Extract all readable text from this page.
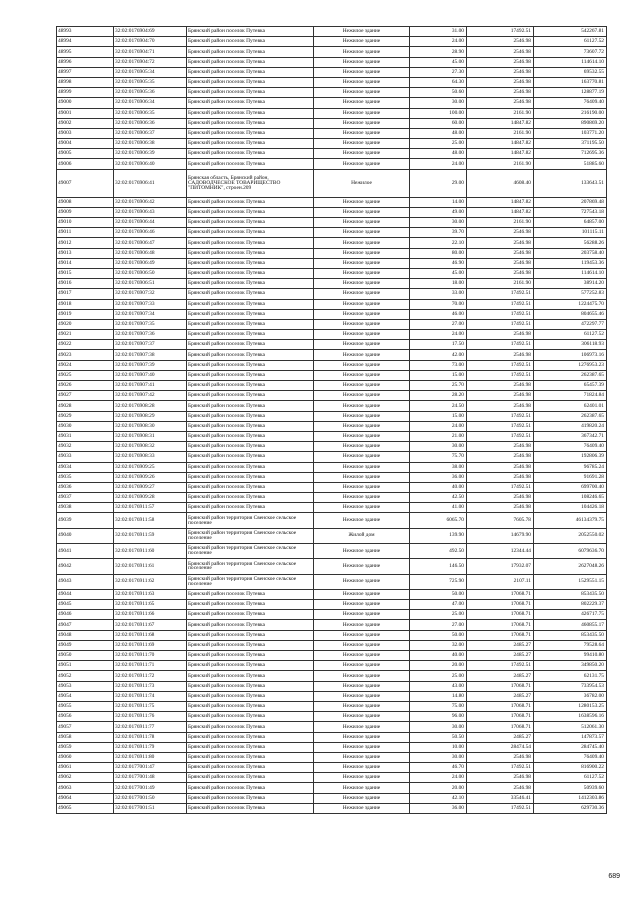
48993	32:02:0176904:69	Брянский район поселок Путевка	Нежилое здание	31.00	17492.51	542267.81
48994	32:02:0176904:70	Брянский район поселок Путевка	Нежилое здание	24.00	2546.98	61127.52
48995	32:02:0176904:71	Брянский район поселок Путевка	Нежилое здание	28.90	2546.98	73607.72
48996	32:02:0176904:72	Брянский район поселок Путевка	Нежилое здание	45.00	2546.98	114614.10
48997	32:02:0176905:34	Брянский район поселок Путевка	Нежилое здание	27.30	2546.98	69532.55
48998	32:02:0176905:35	Брянский район поселок Путевка	Нежилое здание	64.30	2546.98	163770.81
48999	32:02:0176905:36	Брянский район поселок Путевка	Нежилое здание	50.60	2546.98	128877.19
49000	32:02:0176906:34	Брянский район поселок Путевка	Нежилое здание	30.00	2546.98	76409.40
49001	32:02:0176906:35	Брянский район поселок Путевка	Нежилое здание	100.00	2161.90	216190.00
49002	32:02:0176906:36	Брянский район поселок Путевка	Нежилое здание	60.00	14847.82	890869.20
49003	32:02:0176906:37	Брянский район поселок Путевка	Нежилое здание	48.00	2161.90	103771.20
49004	32:02:0176906:38	Брянский район поселок Путевка	Нежилое здание	25.00	14847.82	371195.50
49005	32:02:0176906:39	Брянский район поселок Путевка	Нежилое здание	48.00	14847.82	712695.36
49006	32:02:0176906:40	Брянский район поселок Путевка	Нежилое здание	24.00	2161.90	51885.60
49007	32:02:0176906:41	Брянская область, Брянский район, САДОВОДЧЕСКОЕ ТОВАРИЩЕСТВО "ПИТОМНИК", строен.209	Нежилое	29.00	4608.40	133643.51
49008	32:02:0176906:42	Брянский район поселок Путевка	Нежилое здание	14.00	14847.82	207869.48
49009	32:02:0176906:43	Брянский район поселок Путевка	Нежилое здание	49.00	14847.82	727543.18
49010	32:02:0176906:44	Брянский район поселок Путевка	Нежилое здание	30.00	2161.90	64857.00
49011	32:02:0176906:46	Брянский район поселок Путевка	Нежилое здание	39.70	2546.98	101115.11
49012	32:02:0176906:47	Брянский район поселок Путевка	Нежилое здание	22.10	2546.98	56288.26
49013	32:02:0176906:48	Брянский район поселок Путевка	Нежилое здание	80.00	2546.98	203758.40
49014	32:02:0176906:49	Брянский район поселок Путевка	Нежилое здание	46.90	2546.98	119453.36
49015	32:02:0176906:50	Брянский район поселок Путевка	Нежилое здание	45.00	2546.98	114614.10
49016	32:02:0176906:51	Брянский район поселок Путевка	Нежилое здание	18.00	2161.90	38914.20
49017	32:02:0176907:32	Брянский район поселок Путевка	Нежилое здание	33.00	17492.51	577252.83
49018	32:02:0176907:33	Брянский район поселок Путевка	Нежилое здание	70.00	17492.51	1224475.70
49019	32:02:0176907:34	Брянский район поселок Путевка	Нежилое здание	46.00	17492.51	804655.46
49020	32:02:0176907:35	Брянский район поселок Путевка	Нежилое здание	27.00	17492.51	472297.77
49021	32:02:0176907:36	Брянский район поселок Путевка	Нежилое здание	24.00	2546.98	61127.52
49022	32:02:0176907:37	Брянский район поселок Путевка	Нежилое здание	17.50	17492.51	306118.93
49023	32:02:0176907:38	Брянский район поселок Путевка	Нежилое здание	42.00	2546.98	106973.16
49024	32:02:0176907:39	Брянский район поселок Путевка	Нежилое здание	73.00	17492.51	1276953.23
49025	32:02:0176907:40	Брянский район поселок Путевка	Нежилое здание	15.00	17492.51	262387.65
49026	32:02:0176907:41	Брянский район поселок Путевка	Нежилое здание	25.70	2546.98	65457.39
49027	32:02:0176907:42	Брянский район поселок Путевка	Нежилое здание	28.20	2546.98	71824.84
49028	32:02:0176908:28	Брянский район поселок Путевка	Нежилое здание	24.50	2546.98	62401.01
49029	32:02:0176908:29	Брянский район поселок Путевка	Нежилое здание	15.00	17492.51	262387.65
49030	32:02:0176908:30	Брянский район поселок Путевка	Нежилое здание	24.00	17492.51	419820.24
49031	32:02:0176908:31	Брянский район поселок Путевка	Нежилое здание	21.00	17492.51	367342.71
49032	32:02:0176908:32	Брянский район поселок Путевка	Нежилое здание	30.00	2546.98	76409.40
49033	32:02:0176908:33	Брянский район поселок Путевка	Нежилое здание	75.70	2546.98	192806.39
49034	32:02:0176909:25	Брянский район поселок Путевка	Нежилое здание	38.00	2546.98	96785.24
49035	32:02:0176909:26	Брянский район поселок Путевка	Нежилое здание	36.00	2546.98	91691.28
49036	32:02:0176909:27	Брянский район поселок Путевка	Нежилое здание	40.00	17492.51	699700.40
49037	32:02:0176909:28	Брянский район поселок Путевка	Нежилое здание	42.50	2546.98	108246.65
49038	32:02:0176911:57	Брянский район поселок Путевка	Нежилое здание	41.00	2546.98	104426.18
49039	32:02:0176911:58	Брянский район территория Свенское сельское поселение	Нежилое здание	6065.70	7605.78	46134379.75
49040	32:02:0176911:59	Брянский район территория Свенское сельское поселение	Жилой дом	139.90	14679.90	2052550.02
49041	32:02:0176911:60	Брянский район территория Свенское сельское поселение	Нежилое здание	492.50	12344.44	6079636.70
49042	32:02:0176911:61	Брянский район территория Свенское сельское поселение	Нежилое здание	146.50	17932.07	2627048.26
49043	32:02:0176911:62	Брянский район территория Свенское сельское поселение	Нежилое здание	725.90	2107.11	1529551.15
49044	32:02:0176911:63	Брянский район поселок Путевка	Нежилое здание	50.00	17068.71	853435.50
49045	32:02:0176911:65	Брянский район поселок Путевка	Нежилое здание	47.00	17068.71	802229.37
49046	32:02:0176911:66	Брянский район поселок Путевка	Нежилое здание	25.00	17068.71	426717.75
49047	32:02:0176911:67	Брянский район поселок Путевка	Нежилое здание	27.00	17068.71	460855.17
49048	32:02:0176911:68	Брянский район поселок Путевка	Нежилое здание	50.00	17068.71	853435.50
49049	32:02:0176911:69	Брянский район поселок Путевка	Нежилое здание	32.00	2485.27	79528.64
49050	32:02:0176911:70	Брянский район поселок Путевка	Нежилое здание	40.00	2485.27	99410.80
49051	32:02:0176911:71	Брянский район поселок Путевка	Нежилое здание	20.00	17492.51	349850.20
49052	32:02:0176911:72	Брянский район поселок Путевка	Нежилое здание	25.00	2485.27	62131.75
49053	32:02:0176911:73	Брянский район поселок Путевка	Нежилое здание	43.00	17068.71	733954.53
49054	32:02:0176911:74	Брянский район поселок Путевка	Нежилое здание	14.80	2485.27	36782.00
49055	32:02:0176911:75	Брянский район поселок Путевка	Нежилое здание	75.00	17068.71	1280153.25
49056	32:02:0176911:76	Брянский район поселок Путевка	Нежилое здание	96.00	17068.71	1638596.16
49057	32:02:0176911:77	Брянский район поселок Путевка	Нежилое здание	30.00	17068.71	512061.30
49058	32:02:0176911:78	Брянский район поселок Путевка	Нежилое здание	50.50	2485.27	147873.57
49059	32:02:0176911:79	Брянский район поселок Путевка	Нежилое здание	10.00	28474.54	284745.40
49060	32:02:0176911:80	Брянский район поселок Путевка	Нежилое здание	30.00	2546.98	76409.40
49061	32:02:0177001:47	Брянский район поселок Путевка	Нежилое здание	46.70	17492.51	816900.22
49062	32:02:0177001:48	Брянский район поселок Путевка	Нежилое здание	24.00	2546.98	61127.52
49063	32:02:0177001:49	Брянский район поселок Путевка	Нежилое здание	20.00	2546.98	50939.60
49064	32:02:0177001:50	Брянский район поселок Путевка	Нежилое здание	42.10	33546.41	1412303.86
49065	32:02:0177001:51	Брянский район поселок Путевка	Нежилое здание	36.00	17492.51	629730.36
689
